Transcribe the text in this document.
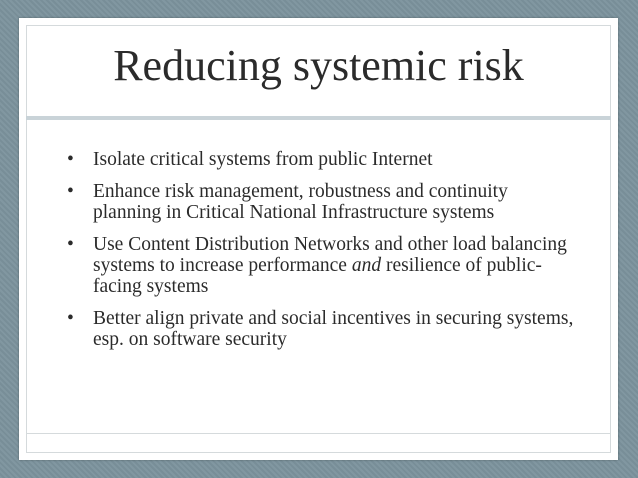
Reducing systemic risk
• Isolate critical systems from public Internet
• Enhance risk management, robustness and continuity planning in Critical National Infrastructure systems
• Use Content Distribution Networks and other load balancing systems to increase performance and resilience of public-facing systems
• Better align private and social incentives in securing systems, esp. on software security
